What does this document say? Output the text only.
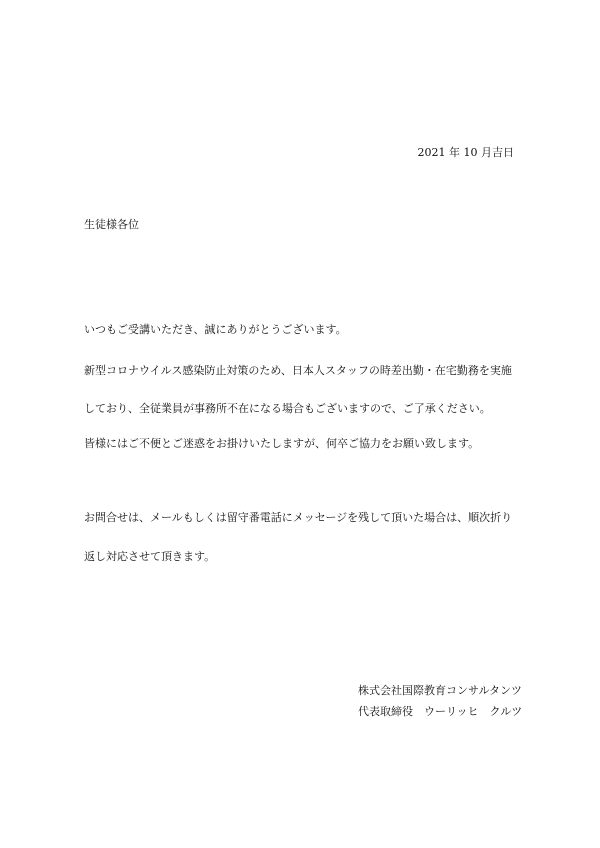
2021 年 10 月吉日
生徒様各位
いつもご受講いただき、誠にありがとうございます。
新型コロナウイルス感染防止対策のため、日本人スタッフの時差出勤・在宅勤務を実施
しており、全従業員が事務所不在になる場合もございますので、ご了承ください。
皆様にはご不便とご迷惑をお掛けいたしますが、何卒ご協力をお願い致します。
お問合せは、メールもしくは留守番電話にメッセージを残して頂いた場合は、順次折り
返し対応させて頂きます。
株式会社国際教育コンサルタンツ
代表取締役　ウーリッヒ　クルツ
